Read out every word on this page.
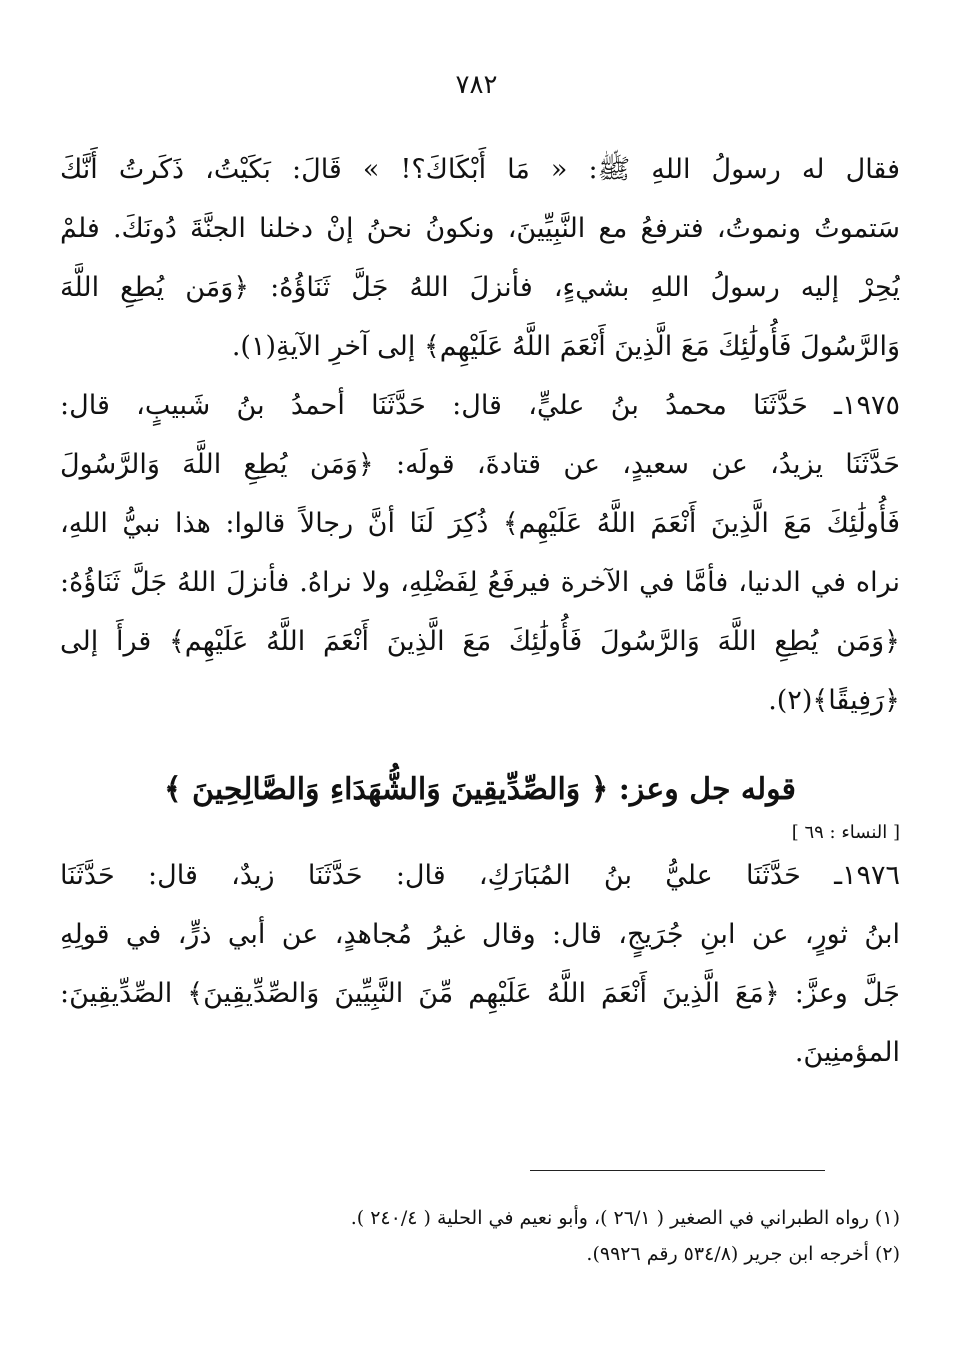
٧٨٢
فقال له رسولُ اللهِ ﷺ: « مَا أَبْكَاكَ؟! » قَالَ: بَكَيْتُ، ذَكَرتُ أَنَّكَ
سَتموتُ ونموتُ، فترفعُ مع النَّبِيِّينَ، ونكونُ نحنُ إنْ دخلنا الجنَّةَ دُونَكَ. فلمْ
يُحِرْ إليه رسولُ اللهِ بشيءٍ، فأنزلَ اللهُ جَلَّ ثَنَاؤُهُ: ﴿وَمَن يُطِعِ اللَّهَ
وَالرَّسُولَ فَأُولَٰئِكَ مَعَ الَّذِينَ أَنْعَمَ اللَّهُ عَلَيْهِم﴾ إلى آخرِ الآيةِ(١).
١٩٧٥ـ حَدَّثَنَا محمدُ بنُ عليٍّ، قال: حَدَّثَنَا أحمدُ بنُ شَبيبٍ، قال:
حَدَّثَنَا يزيدُ، عن سعيدٍ، عن قتادةَ، قولَه: ﴿وَمَن يُطِعِ اللَّهَ وَالرَّسُولَ
فَأُولَٰئِكَ مَعَ الَّذِينَ أَنْعَمَ اللَّهُ عَلَيْهِم﴾ ذُكِرَ لَنَا أنَّ رجالاً قالوا: هذا نبيُّ اللهِ،
نراه في الدنيا، فأمَّا في الآخرة فيرفَعُ لِفَضْلِهِ، ولا نراهُ. فأنزلَ اللهُ جَلَّ ثَنَاؤُهُ:
﴿وَمَن يُطِعِ اللَّهَ وَالرَّسُولَ فَأُولَٰئِكَ مَعَ الَّذِينَ أَنْعَمَ اللَّهُ عَلَيْهِم﴾ قرأَ إلى
﴿رَفِيقًا﴾(٢).
قوله جل وعز: ﴿ وَالصِّدِّيقِينَ وَالشُّهَدَاءِ وَالصَّالِحِينَ ﴾
[ النساء : ٦٩ ]
١٩٧٦ـ حَدَّثَنَا عليُّ بنُ المُبَارَكِ، قال: حَدَّثَنَا زيدٌ، قال: حَدَّثَنَا
ابنُ ثورٍ، عن ابنِ جُرَيجٍ، قال: وقال غيرُ مُجاهدٍ، عن أبي ذرٍّ، في قولِهِ
جَلَّ وعزَّ: ﴿مَعَ الَّذِينَ أَنْعَمَ اللَّهُ عَلَيْهِم مِّنَ النَّبِيِّينَ وَالصِّدِّيقِينَ﴾ الصِّدِّيقِينَ:
المؤمنِينَ.
(١) رواه الطبراني في الصغير ( ٢٦/١ )، وأبو نعيم في الحلية ( ٢٤٠/٤ ).
(٢) أخرجه ابن جرير (٥٣٤/٨ رقم ٩٩٢٦).
